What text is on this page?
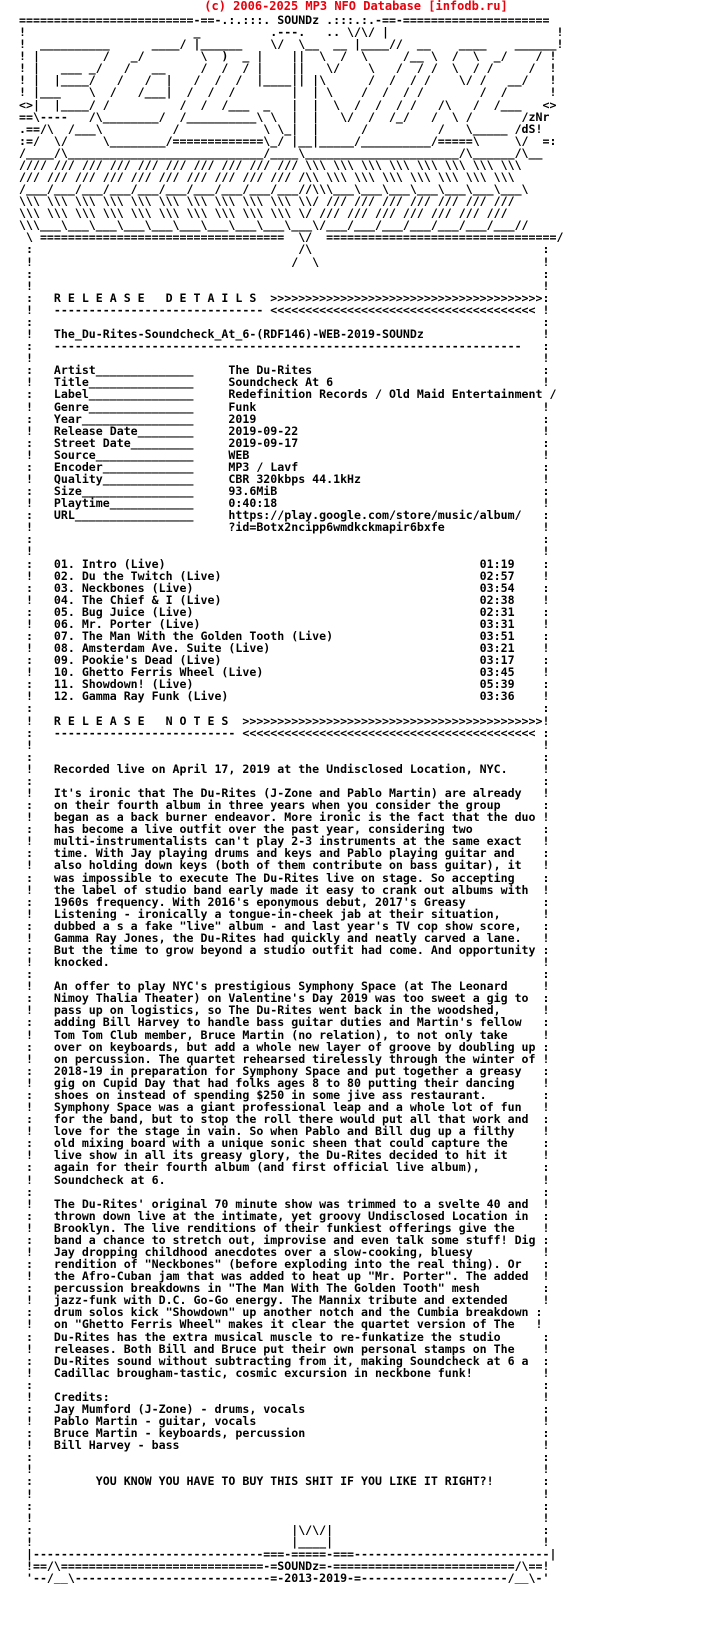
(c) 2006-2025 MP3 NFO Database [infodb.ru]
=========================-==-.:.:::. SOUNDz .:::.:.-==-=====================
!                        _          .---.   .. \/\/ |                        !
!  __________      ____/ |______    \/  \__  __ |____//  __    ____    ______!
! |         /   _/        \  )  _ |    ||  \  /  \     /__ \  /  \  _/    / !
! |   ___ _/   /   __     /  /  / |    ||   \/    \   /  / /  \  / /     /  !
! |  |____/   /   /  |   /  /  /  |____|| |\      /  /  / /    \/ /   __/   !
! |___    \  /   /___|  /  /  /        |  | \    /  /  / /        /  /      !
<>|  |____/ /          /  /  /___  _   |  |  \  /  /  / /   /\   /  /___   <>
==\----   /\________/  /__________\ \  |  |   \/  /  /_/   /  \ /       /zNr
.==/\  /___\          /            \ \_|  |      /          /   \_____ /dS!
:=/  \/     \________/=============\_/ |__|_____/__________/=====\     \/  =:
/____/\____________________________/____\______________________/\______/\__
//// /// /// /// /// /// /// /// /// /// \\\ \\\ \\\ \\\ \\\ \\\ \\\ \\\
/// /// /// /// /// /// /// /// /// /// /\\ \\\ \\\ \\\ \\\ \\\ \\\ \\\
/___/___/___/___/___/___/___/___/___/___//\\\___\___\___\___\___\___\___\
\\\ \\\ \\\ \\\ \\\ \\\ \\\ \\\ \\\ \\\ \\/ /// /// /// /// /// /// ///
\\\ \\\ \\\ \\\ \\\ \\\ \\\ \\\ \\\ \\\ \/ /// /// /// /// /// /// ///
\\\___\___\___\___\___\___\___\___\___\___\/___/___/___/___/___/___/___//
\ ===================================  \/  =================================/
:                                      /\                                 :
!                                     /  \                                !
:                                                                         :
!                                                                         !
:   R E L E A S E   D E T A I L S  >>>>>>>>>>>>>>>>>>>>>>>>>>>>>>>>>>>>>>>:
!   ------------------------------ <<<<<<<<<<<<<<<<<<<<<<<<<<<<<<<<<<<<<< !
:                                                                         :
!   The_Du-Rites-Soundcheck_At_6-(RDF146)-WEB-2019-SOUNDz                 !
:   -------------------------------------------------------------------   :
!                                                                         !
:   Artist______________     The Du-Rites                                 :
!   Title_______________     Soundcheck At 6                              !
:   Label_______________     Redefinition Records / Old Maid Entertainment /
!   Genre_______________     Funk                                         !
:   Year________________     2019                                         :
!   Release Date________     2019-09-22                                   !
:   Street Date_________     2019-09-17                                   :
!   Source______________     WEB                                          !
:   Encoder_____________     MP3 / Lavf                                   :
!   Quality_____________     CBR 320kbps 44.1kHz                          !
:   Size________________     93.6MiB                                      :
!   Playtime____________     0:40:18                                      !
:   URL_________________     https://play.google.com/store/music/album/   :
!                            ?id=Botx2ncipp6wmdkckmapir6bxfe              !
:                                                                         :
!                                                                         !
:   01. Intro (Live)                                             01:19    :
!   02. Du the Twitch (Live)                                     02:57    !
:   03. Neckbones (Live)                                         03:54    :
!   04. The Chief & I (Live)                                     02:38    !
:   05. Bug Juice (Live)                                         02:31    :
!   06. Mr. Porter (Live)                                        03:31    !
:   07. The Man With the Golden Tooth (Live)                     03:51    :
!   08. Amsterdam Ave. Suite (Live)                              03:21    !
:   09. Pookie's Dead (Live)                                     03:17    :
!   10. Ghetto Ferris Wheel (Live)                               03:45    !
:   11. Showdown! (Live)                                         05:39    :
!   12. Gamma Ray Funk (Live)                                    03:36    !
:                                                                         :
!   R E L E A S E   N O T E S  >>>>>>>>>>>>>>>>>>>>>>>>>>>>>>>>>>>>>>>>>>>!
:   -------------------------- <<<<<<<<<<<<<<<<<<<<<<<<<<<<<<<<<<<<<<<<<< :
!                                                                         !
:                                                                         :
!   Recorded live on April 17, 2019 at the Undisclosed Location, NYC.     !
:                                                                         :
!   It's ironic that The Du-Rites (J-Zone and Pablo Martin) are already   !
:   on their fourth album in three years when you consider the group      :
!   began as a back burner endeavor. More ironic is the fact that the duo !
:   has become a live outfit over the past year, considering two          :
!   multi-instrumentalists can't play 2-3 instruments at the same exact   !
:   time. With Jay playing drums and keys and Pablo playing guitar and    :
!   also holding down keys (both of them contribute on bass guitar), it   !
:   was impossible to execute The Du-Rites live on stage. So accepting    :
!   the label of studio band early made it easy to crank out albums with  !
:   1960s frequency. With 2016's eponymous debut, 2017's Greasy           :
!   Listening - ironically a tongue-in-cheek jab at their situation,      !
:   dubbed a s a fake "live" album - and last year's TV cop show score,   :
!   Gamma Ray Jones, the Du-Rites had quickly and neatly carved a lane.   !
:   But the time to grow beyond a studio outfit had come. And opportunity :
!   knocked.                                                              !
:                                                                         :
!   An offer to play NYC's prestigious Symphony Space (at The Leonard     !
:   Nimoy Thalia Theater) on Valentine's Day 2019 was too sweet a gig to  :
!   pass up on logistics, so The Du-Rites went back in the woodshed,      !
:   adding Bill Harvey to handle bass guitar duties and Martin's fellow   :
!   Tom Tom Club member, Bruce Martin (no relation), to not only take     !
:   over on keyboards, but add a whole new layer of groove by doubling up :
!   on percussion. The quartet rehearsed tirelessly through the winter of !
:   2018-19 in preparation for Symphony Space and put together a greasy   :
!   gig on Cupid Day that had folks ages 8 to 80 putting their dancing    !
:   shoes on instead of spending $250 in some jive ass restaurant.        :
!   Symphony Space was a giant professional leap and a whole lot of fun   !
:   for the band, but to stop the roll there would put all that work and  :
!   love for the stage in vain. So when Pablo and Bill dug up a filthy    !
:   old mixing board with a unique sonic sheen that could capture the     :
!   live show in all its greasy glory, the Du-Rites decided to hit it     !
:   again for their fourth album (and first official live album),         :
!   Soundcheck at 6.                                                      !
:                                                                         :
!   The Du-Rites' original 70 minute show was trimmed to a svelte 40 and  !
:   thrown down live at the intimate, yet groovy Undisclosed Location in  :
!   Brooklyn. The live renditions of their funkiest offerings give the    !
:   band a chance to stretch out, improvise and even talk some stuff! Dig :
!   Jay dropping childhood anecdotes over a slow-cooking, bluesy          !
:   rendition of "Neckbones" (before exploding into the real thing). Or   :
!   the Afro-Cuban jam that was added to heat up "Mr. Porter". The added  !
:   percussion breakdowns in "The Man With The Golden Tooth" mesh         :
!   jazz-funk with D.C. Go-Go energy. The Mannix tribute and extended     !
:   drum solos kick "Showdown" up another notch and the Cumbia breakdown :
!   on "Ghetto Ferris Wheel" makes it clear the quartet version of The   !
:   Du-Rites has the extra musical muscle to re-funkatize the studio      :
!   releases. Both Bill and Bruce put their own personal stamps on The    !
:   Du-Rites sound without subtracting from it, making Soundcheck at 6 a  :
!   Cadillac brougham-tastic, cosmic excursion in neckbone funk!          !
:                                                                         :
!   Credits:                                                              !
:   Jay Mumford (J-Zone) - drums, vocals                                  :
!   Pablo Martin - guitar, vocals                                         !
:   Bruce Martin - keyboards, percussion                                  :
!   Bill Harvey - bass                                                    !
:                                                                         :
!                                                                         !
:         YOU KNOW YOU HAVE TO BUY THIS SHIT IF YOU LIKE IT RIGHT?!       :
!                                                                         !
:                                                                         :
!                                                                         !
:                                     |\/\/|                              :
!                                     |____|                              !
|---------------------------------===-=====-===----------------------------|
!==/\=============================-=SOUNDz=-==========================/\==!
'--/__\----------------------------=-2013-2019-=---------------------/__\-'
